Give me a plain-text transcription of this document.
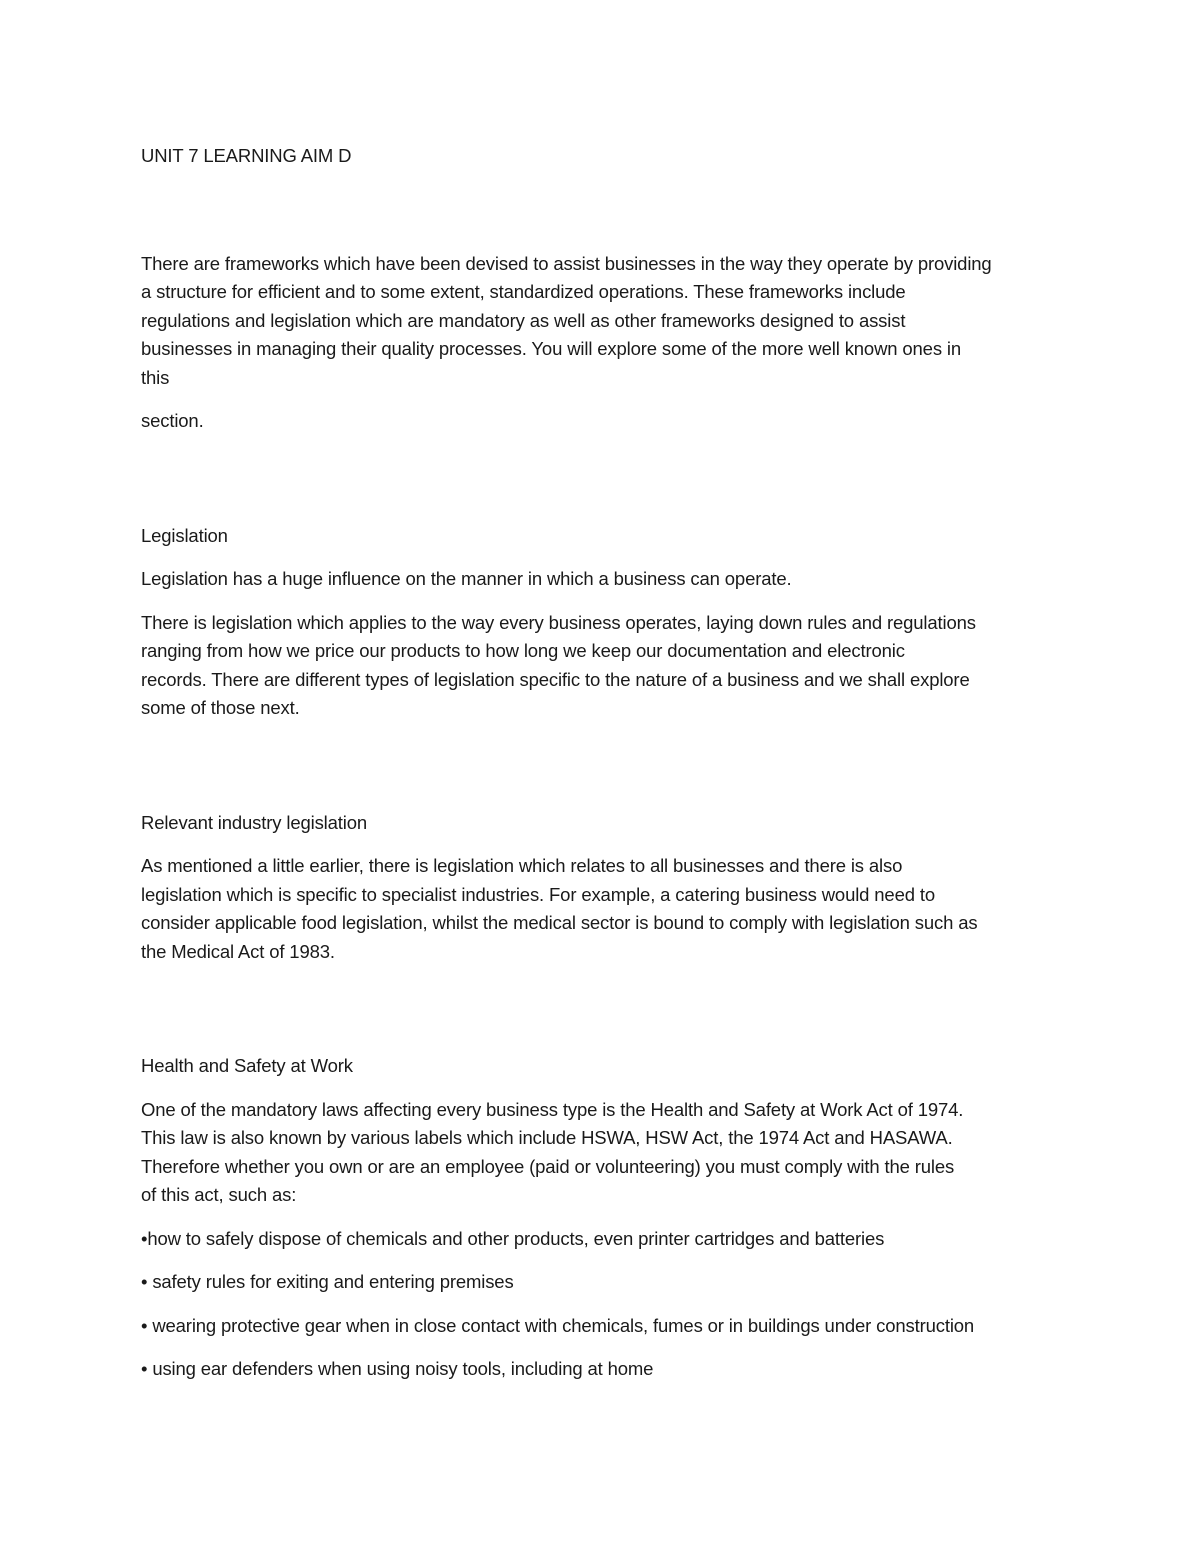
UNIT 7 LEARNING AIM D

There are frameworks which have been devised to assist businesses in the way they operate by providing

a structure for efficient and to some extent, standardized operations. These frameworks include

regulations and legislation which are mandatory as well as other frameworks designed to assist

businesses in managing their quality processes. You will explore some of the more well known ones in

this

section.

Legislation

Legislation has a huge influence on the manner in which a business can operate.

There is legislation which applies to the way every business operates, laying down rules and regulations

ranging from how we price our products to how long we keep our documentation and electronic

records. There are different types of legislation specific to the nature of a business and we shall explore

some of those next.

Relevant industry legislation

As mentioned a little earlier, there is legislation which relates to all businesses and there is also

legislation which is specific to specialist industries. For example, a catering business would need to

consider applicable food legislation, whilst the medical sector is bound to comply with legislation such as

the Medical Act of 1983.

Health and Safety at Work

One of the mandatory laws affecting every business type is the Health and Safety at Work Act of 1974.

This law is also known by various labels which include HSWA, HSW Act, the 1974 Act and HASAWA.

Therefore whether you own or are an employee (paid or volunteering) you must comply with the rules

of this act, such as:

•how to safely dispose of chemicals and other products, even printer cartridges and batteries

• safety rules for exiting and entering premises

• wearing protective gear when in close contact with chemicals, fumes or in buildings under construction

• using ear defenders when using noisy tools, including at home
